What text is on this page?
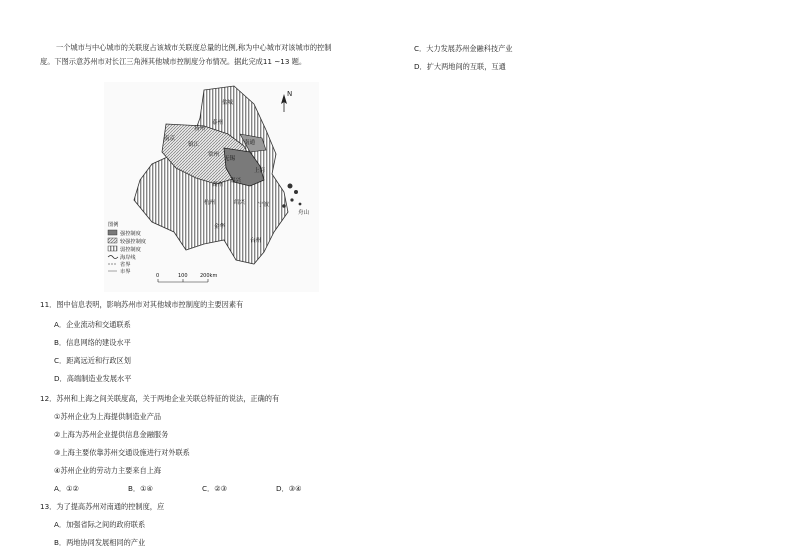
一个城市与中心城市的关联度占该城市关联度总量的比例,称为中心城市对该城市的控制
度。下图示意苏州市对长江三角洲其他城市控制度分布情况。据此完成11 ~13 题。
N
盐城
泰州
扬州
南通
镇江
常州
无锡
上海
南京
湖州
嘉兴
舟山
杭州	宁波
绍兴
金华
台州
图例
强控制度
较强控制度
弱控制度
海岸线
省界
市界
0	100 200km
11．图中信息表明，影响苏州市对其他城市控制度的主要因素有
A．企业流动和交通联系
B．信息网络的建设水平
C．距离远近和行政区划
D．高端制造业发展水平
12．苏州和上海之间关联度高，关于两地企业关联总特征的说法，正确的有
①苏州企业为上海提供制造业产品
②上海为苏州企业提供信息金融服务
③上海主要依靠苏州交通设施进行对外联系
④苏州企业的劳动力主要来自上海
A．①②	B．①④	C．②③	D．③④
13．为了提高苏州对南通的控制度，应
A．加强省际之间的政府联系
B．两地协同发展相同的产业
C．大力发展苏州金融科技产业
D．扩大两地间的互联，互通
